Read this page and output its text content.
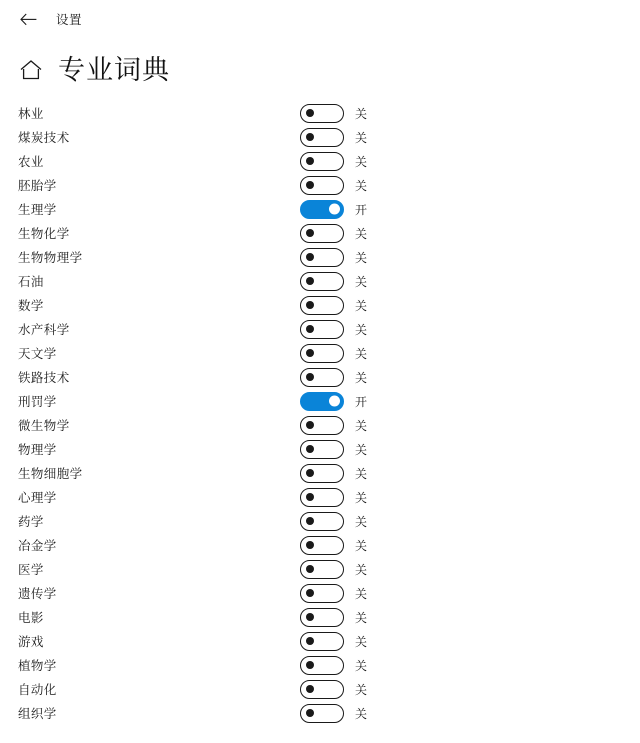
设置
专业词典
林业	关
煤炭技术	关
农业	关
胚胎学	关
生理学	开
生物化学	关
生物物理学	关
石油	关
数学	关
水产科学	关
天文学	关
铁路技术	关
刑罚学	开
微生物学	关
物理学	关
生物细胞学	关
心理学	关
药学	关
冶金学	关
医学	关
遗传学	关
电影	关
游戏	关
植物学	关
自动化	关
组织学	关
